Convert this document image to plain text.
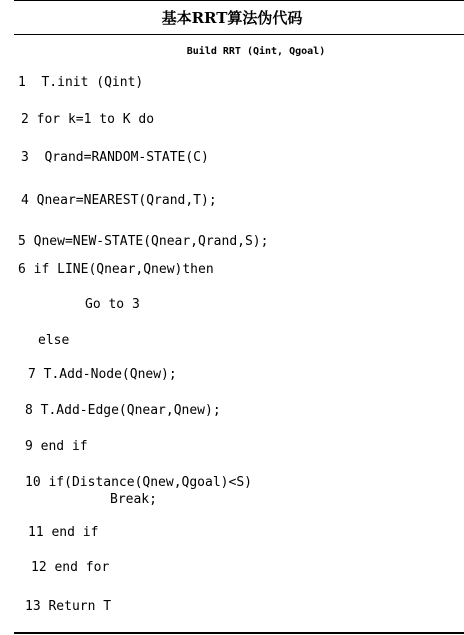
基本RRT算法伪代码
Build RRT (Qint, Qgoal)
1  T.init (Qint)
2 for k=1 to K do
3  Qrand=RANDOM-STATE(C)
4 Qnear=NEAREST(Qrand,T);
5 Qnew=NEW-STATE(Qnear,Qrand,S);
6 if LINE(Qnear,Qnew)then
Go to 3
else
7 T.Add-Node(Qnew);
8 T.Add-Edge(Qnear,Qnew);
9 end if
10 if(Distance(Qnew,Qgoal)<S)
Break;
11 end if
12 end for
13 Return T
